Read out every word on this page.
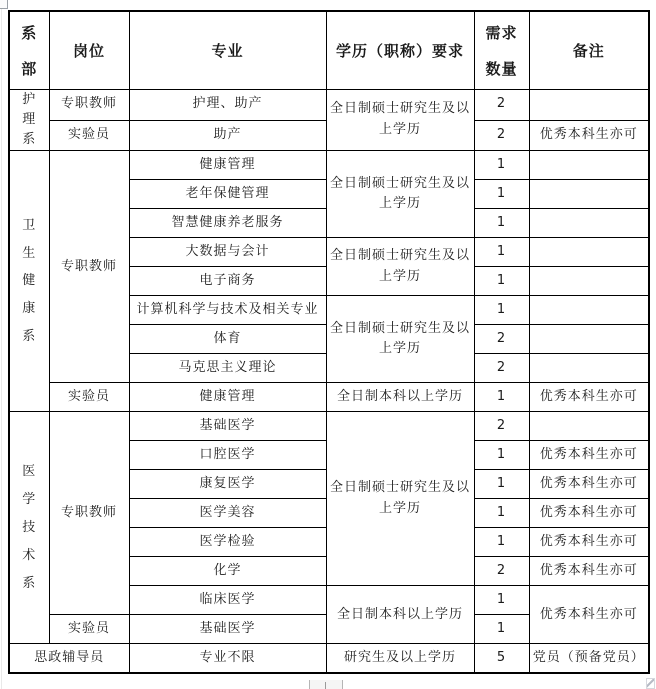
系部	岗位	专业	学历（职称）要求	需求数量	备注
护理系	专职教师	护理、助产	全日制硕士研究生及以上学历	2	
	实验员	助产		2	优秀本科生亦可
卫生健康系	专职教师	健康管理	全日制硕士研究生及以上学历	1	
		老年保健管理		1	
		智慧健康养老服务		1	
		大数据与会计	全日制硕士研究生及以上学历	1	
		电子商务		1	
		计算机科学与技术及相关专业	全日制硕士研究生及以上学历	1	
		体育		2	
		马克思主义理论		2	
	实验员	健康管理	全日制本科以上学历	1	优秀本科生亦可
医学技术系	专职教师	基础医学	全日制硕士研究生及以上学历	2	
		口腔医学		1	优秀本科生亦可
		康复医学		1	优秀本科生亦可
		医学美容		1	优秀本科生亦可
		医学检验		1	优秀本科生亦可
		化学		2	优秀本科生亦可
		临床医学	全日制本科以上学历	1	优秀本科生亦可
	实验员	基础医学		1	
思政辅导员		专业不限	研究生及以上学历	5	党员（预备党员）
